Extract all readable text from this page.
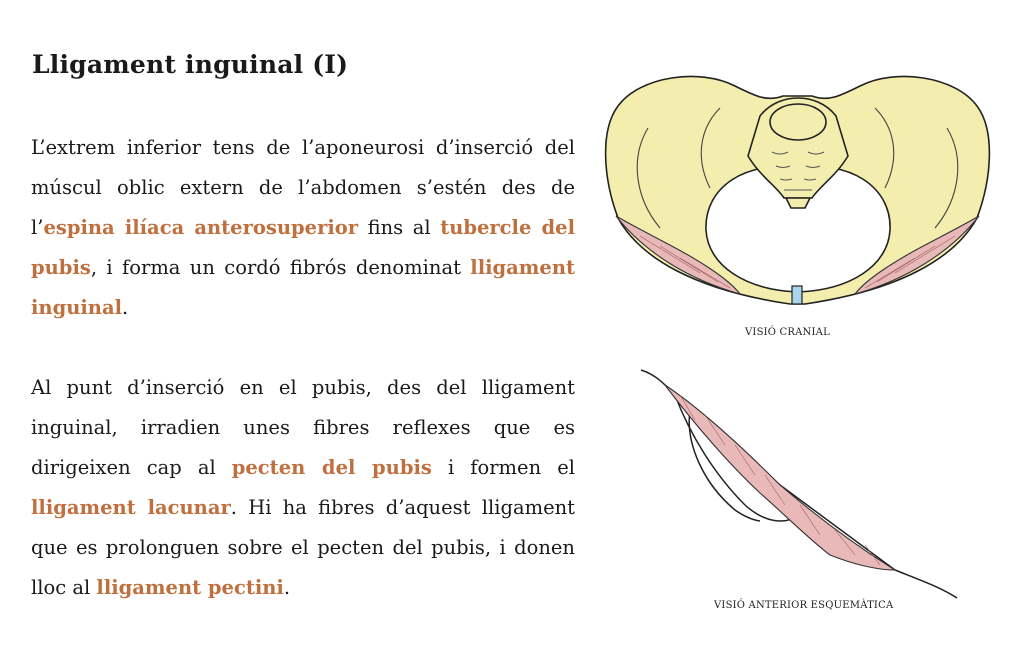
Lligament inguinal (I)

L’extrem inferior tens de l’aponeurosi d’inserció del múscul oblic extern de l’abdomen s’estén des de l’espina ilíaca anterosuperior fins al tubercle del pubis, i forma un cordó fibrós denominat lligament inguinal.

Al punt d’inserció en el pubis, des del lligament inguinal, irradien unes fibres reflexes que es dirigeixen cap al pecten del pubis i formen el lligament lacunar. Hi ha fibres d’aquest lligament que es prolonguen sobre el pecten del pubis, i donen lloc al lligament pectini.

VISIÓ CRANIAL
VISIÓ ANTERIOR ESQUEMÀTICA
